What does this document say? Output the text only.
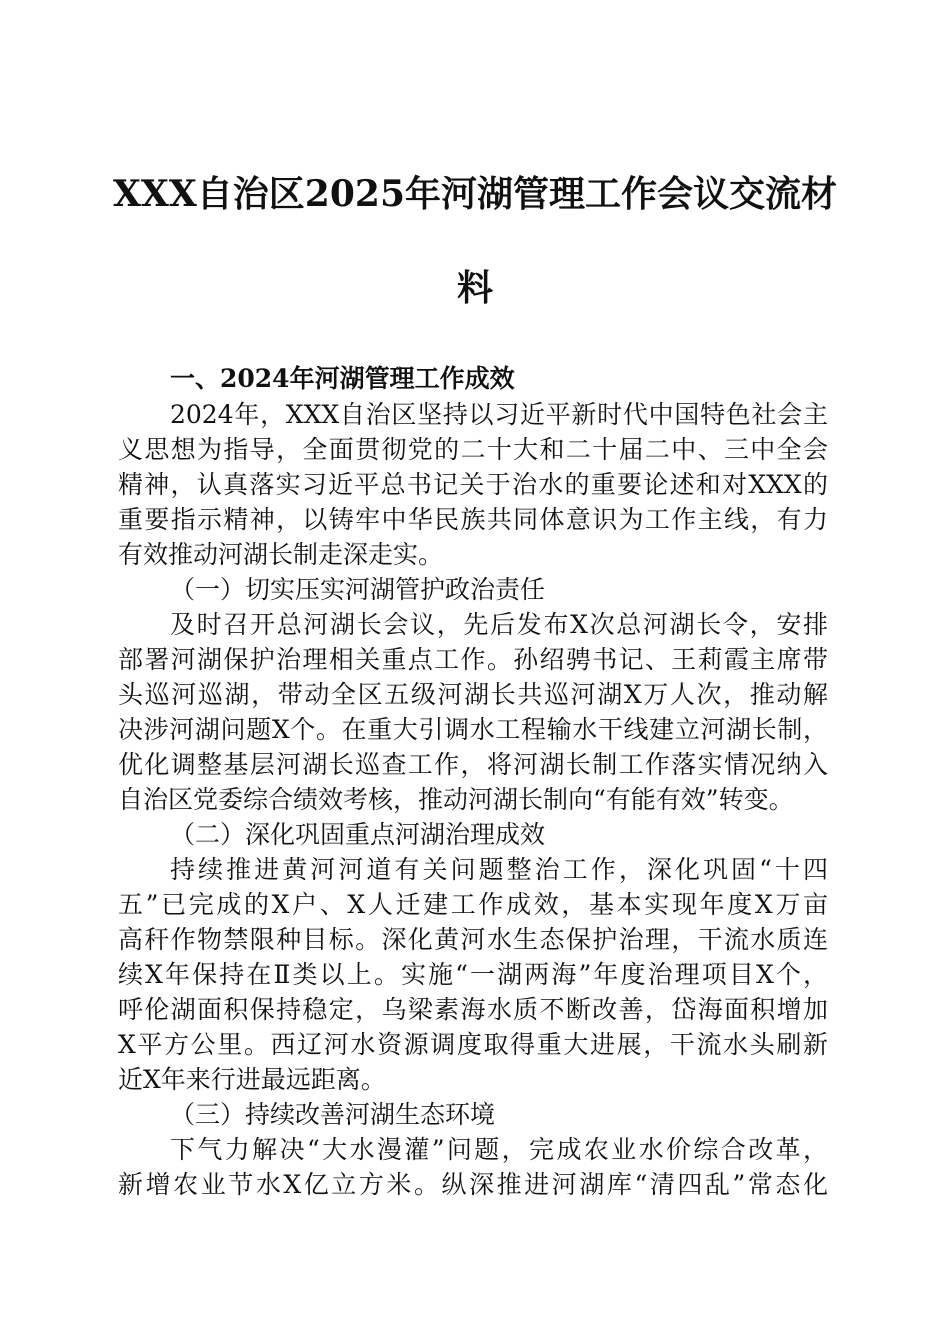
XXX自治区2025年河湖管理工作会议交流材
料
一、2024年河湖管理工作成效
2024年，XXX自治区坚持以习近平新时代中国特色社会主
义思想为指导，全面贯彻党的二十大和二十届二中、三中全会
精神，认真落实习近平总书记关于治水的重要论述和对XXX的
重要指示精神，以铸牢中华民族共同体意识为工作主线，有力
有效推动河湖长制走深走实。
（一）切实压实河湖管护政治责任
及时召开总河湖长会议，先后发布X次总河湖长令，安排
部署河湖保护治理相关重点工作。孙绍骋书记、王莉霞主席带
头巡河巡湖，带动全区五级河湖长共巡河湖X万人次，推动解
决涉河湖问题X个。在重大引调水工程输水干线建立河湖长制，
优化调整基层河湖长巡查工作，将河湖长制工作落实情况纳入
自治区党委综合绩效考核，推动河湖长制向“有能有效”转变。
（二）深化巩固重点河湖治理成效
持续推进黄河河道有关问题整治工作，深化巩固“十四
五”已完成的X户、X人迁建工作成效，基本实现年度X万亩
高秆作物禁限种目标。深化黄河水生态保护治理，干流水质连
续X年保持在Ⅱ类以上。实施“一湖两海”年度治理项目X个，
呼伦湖面积保持稳定，乌梁素海水质不断改善，岱海面积增加
X平方公里。西辽河水资源调度取得重大进展，干流水头刷新
近X年来行进最远距离。
（三）持续改善河湖生态环境
下气力解决“大水漫灌”问题，完成农业水价综合改革，
新增农业节水X亿立方米。纵深推进河湖库“清四乱”常态化
